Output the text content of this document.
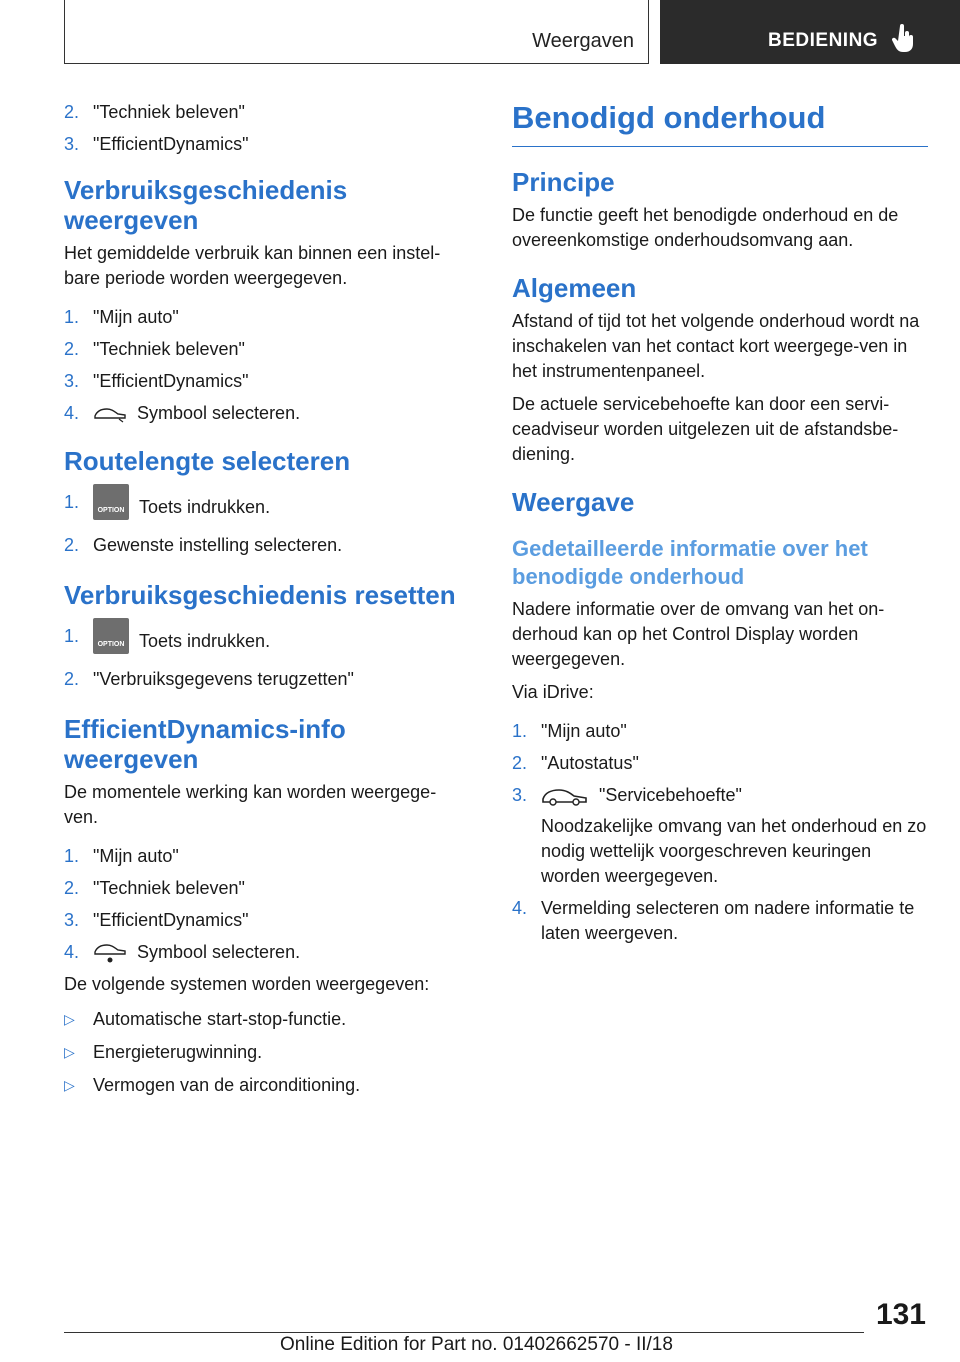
Weergaven	BEDIENING
2. "Techniek beleven"
3. "EfficientDynamics"
Verbruiksgeschiedenis weergeven

Het gemiddelde verbruik kan binnen een instel-bare periode worden weergegeven.

1. "Mijn auto"
2. "Techniek beleven"
3. "EfficientDynamics"
4.	Symbool selecteren.
Routelengte selecteren
1.	OPTION Toets indrukken.
2. Gewenste instelling selecteren.
Verbruiksgeschiedenis resetten
1.	OPTION Toets indrukken.
2. "Verbruiksgegevens terugzetten"
EfficientDynamics-info weergeven

De momentele werking kan worden weergege-ven.

1. "Mijn auto"
2. "Techniek beleven"
3. "EfficientDynamics"
4.	Symbool selecteren.

De volgende systemen worden weergegeven:

▷	Automatische start-stop-functie.
▷	Energieterugwinning.
▷	Vermogen van de airconditioning.
Benodigd onderhoud
Principe

De functie geeft het benodigde onderhoud en de overeenkomstige onderhoudsomvang aan.

Algemeen

Afstand of tijd tot het volgende onderhoud wordt na inschakelen van het contact kort weergege-ven in het instrumentenpaneel.

De actuele servicebehoefte kan door een servi-ceadviseur worden uitgelezen uit de afstandsbe-diening.

Weergave
Gedetailleerde informatie over het benodigde onderhoud

Nadere informatie over de omvang van het on-derhoud kan op het Control Display worden weergegeven.

Via iDrive:

1. "Mijn auto"
2. "Autostatus"
3.	"Servicebehoefte"
Noodzakelijke omvang van het onderhoud en zo nodig wettelijk voorgeschreven keuringen worden weergegeven.
4. Vermelding selecteren om nadere informatie te laten weergeven.
131
Online Edition for Part no. 01402662570 - II/18
